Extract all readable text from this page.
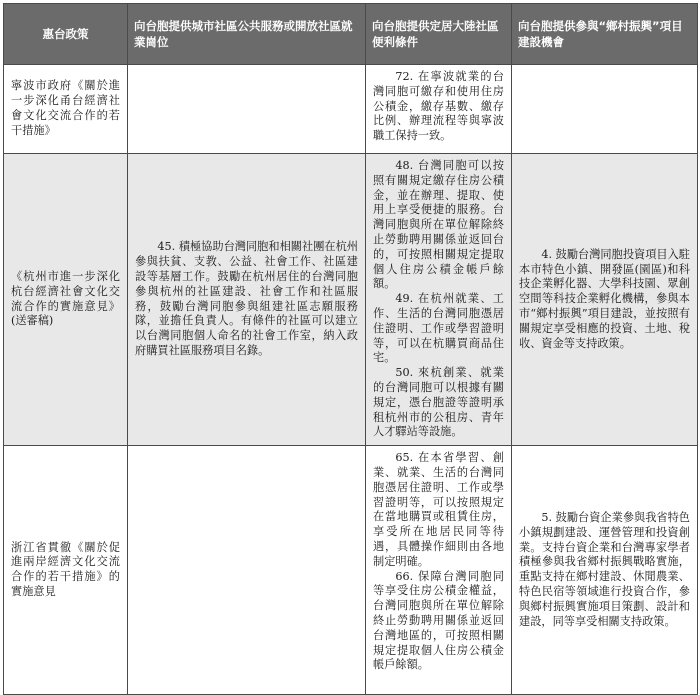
惠台政策	向台胞提供城市社區公共服務或開放社區就業崗位	向台胞提供定居大陸社區便利條件	向台胞提供參與“鄉村振興”項目建設機會
寧波市政府《關於進一步深化甬台經濟社會文化交流合作的若干措施》		72. 在寧波就業的台灣同胞可繳存和使用住房公積金，繳存基數、繳存比例、辦理流程等與寧波職工保持一致。	

《杭州市進一步深化杭台經濟社會文化交流合作的實施意見》(送審稿)	45. 積極協助台灣同胞和相關社團在杭州參與扶貧、支教、公益、社會工作、社區建設等基層工作。鼓勵在杭州居住的台灣同胞參與杭州的社區建設、社會工作和社區服務，鼓勵台灣同胞參與組建社區志願服務隊，並擔任負責人。有條件的社區可以建立以台灣同胞個人命名的社會工作室，納入政府購買社區服務項目名錄。	48. 台灣同胞可以按照有關規定繳存住房公積金，並在辦理、提取、使用上享受便捷的服務。台灣同胞與所在單位解除終止勞動聘用關係並返回台的，可按照相關規定提取個人住房公積金帳戶餘額。
49. 在杭州就業、工作、生活的台灣同胞憑居住證明、工作或學習證明等，可以在杭購買商品住宅。
50. 來杭創業、就業的台灣同胞可以根據有關規定，憑台胞證等證明承租杭州市的公租房、青年人才驛站等設施。	4. 鼓勵台灣同胞投資項目入駐本市特色小鎮、開發區(園區)和科技企業孵化器、大學科技園、眾創空間等科技企業孵化機構，參與本市“鄉村振興”項目建設，並按照有關規定享受相應的投資、土地、稅收、資金等支持政策。

浙江省貫徹《關於促進兩岸經濟文化交流合作的若干措施》的實施意見		65. 在本省學習、創業、就業、生活的台灣同胞憑居住證明、工作或學習證明等，可以按照規定在當地購買或租賃住房，享受所在地居民同等待遇，具體操作細則由各地制定明確。
66. 保障台灣同胞同等享受住房公積金權益，台灣同胞與所在單位解除終止勞動聘用關係並返回台灣地區的，可按照相關規定提取個人住房公積金帳戶餘額。	5. 鼓勵台資企業參與我省特色小鎮規劃建設、運營管理和投資創業。支持台資企業和台灣專家學者積極參與我省鄉村振興戰略實施，重點支持在鄉村建設、休閒農業、特色民宿等領域進行投資合作，參與鄉村振興實施項目策劃、設計和建設，同等享受相關支持政策。
